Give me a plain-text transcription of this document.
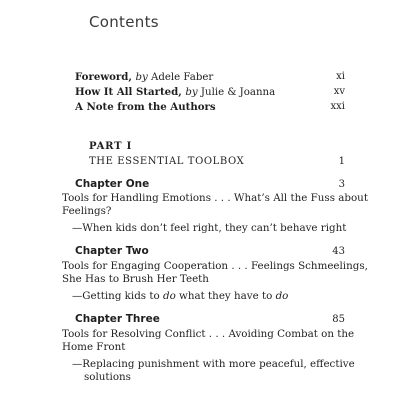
Contents
Foreword, by Adele Faber	xi
How It All Started, by Julie & Joanna	xv
A Note from the Authors	xxi
PART I
THE ESSENTIAL TOOLBOX	1
Chapter One	3
Tools for Handling Emotions . . . What’s All the Fuss about
Feelings?
—When kids don’t feel right, they can’t behave right
Chapter Two	43
Tools for Engaging Cooperation . . . Feelings Schmeelings,
She Has to Brush Her Teeth
—Getting kids to do what they have to do
Chapter Three	85
Tools for Resolving Conflict . . . Avoiding Combat on the
Home Front
—Replacing punishment with more peaceful, effective
solutions
